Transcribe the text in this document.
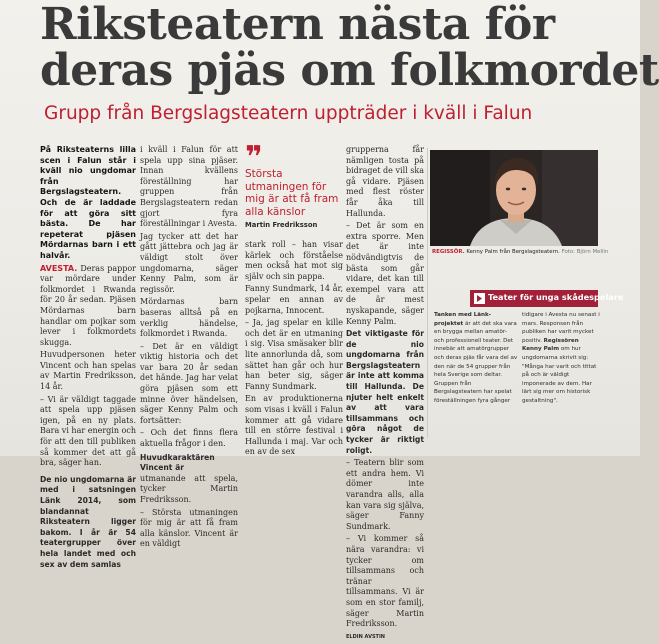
Riksteatern nästa för
deras pjäs om folkmordet
Grupp från Bergslagsteatern uppträder i kväll i Falun

På Riksteaterns lilla scen i Falun står i kväll nio ungdomar från Bergslagsteatern. Och de är laddade för att göra sitt bästa. De har repeterat pjäsen Mördarnas barn i ett halvår.

AVESTA. Deras pappor var mördare under folkmordet i Rwanda för 20 år sedan. Pjäsen Mördarnas barn handlar om pojkar som lever i folkmordets skugga.

Huvudpersonen heter Vincent och han spelas av Martin Fredriksson, 14 år.

– Vi är väldigt taggade att spela upp pjäsen igen, på en ny plats. Bara vi har energin och för att den till publiken så kommer det att gå bra, säger han.

De nio ungdomarna är med i satsningen Länk 2014, som blandannat Riksteatern ligger bakom. I år är 54 teatergrupper över hela landet med och sex av dem samlas

i kväll i Falun för att spela upp sina pjäser. Innan kvällens föreställning har gruppen från Bergslagsteatern redan gjort fyra föreställningar i Avesta.

Jag tycker att det har gått jättebra och jag är väldigt stolt över ungdomarna, säger Kenny Palm, som är regissör.

Mördarnas barn baseras alltså på en verklig händelse, folkmordet i Rwanda.

– Det är en väldigt viktig historia och det var bara 20 år sedan det hände. Jag har velat göra pjäsen som ett minne över händelsen, säger Kenny Palm och fortsätter:

– Och det finns flera aktuella frågor i den.

Huvudkaraktären Vincent är

utmanande att spela, tycker Martin Fredriksson.

– Största utmaningen för mig är att få fram alla känslor. Vincent är en väldigt

❞
Största utmaningen för mig är att få fram alla känslor
Martin Fredriksson

stark roll – han visar kärlek och förståelse men också hat mot sig själv och sin pappa.

Fanny Sundmark, 14 år, spelar en annan av pojkarna, Innocent.

– Ja, jag spelar en kille och det är en utmaning i sig. Visa smäsaker blir lite annorlunda då, som sättet han går och hur han beter sig, säger Fanny Sundmark.

En av produktionerna som visas i kväll i Falun kommer att gå vidare till en större festival i Hallunda i maj. Var och en av de sex

grupperna får nämligen tosta på bidraget de vill ska gå vidare. Pjäsen med flest röster får åka till Hallunda.

– Det är som en extra sporre. Men det är inte nödvändigtvis de bästa som går vidare, det kan till exempel vara att de är mest nyskapande, säger Kenny Palm.

Det viktigaste för de nio ungdomarna från Bergslagsteatern är inte att komma till Hallunda. De njuter helt enkelt av att vara tillsammans och göra något de tycker är riktigt roligt.

– Teatern blir som ett andra hem. Vi dömer inte varandra alls, alla kan vara sig själva, säger Fanny Sundmark.

– Vi kommer så nära varandra: vi tycker om tillsammans och tränar tillsammans. Vi är som en stor familj, säger Martin Fredriksson.

ELDIN AVSTIN

REGISSÖR. Kenny Palm från Bergslagsteatern. Foto: Björn Mellin
Teater för unga skådespelare
Tanken med Länk-projektet är att det ska vara en brygga mellan amatör- och professionell teater. Det innebär att amatörgrupper och deras pjäs får vara del av den när de 54 grupper från hela Sverige som deltar. Gruppen från Bergslagsteatern har spelat föreställningen fyra gånger
tidigare i Avesta nu senast i mars. Responsen från publiken har varit mycket positiv. Regissören Kenny Palm om hur ungdomarna skrivit sig: "Många har varit och tittat på och är väldigt imponerade av dem. Har lärt sig mer om historisk gestaltning".
